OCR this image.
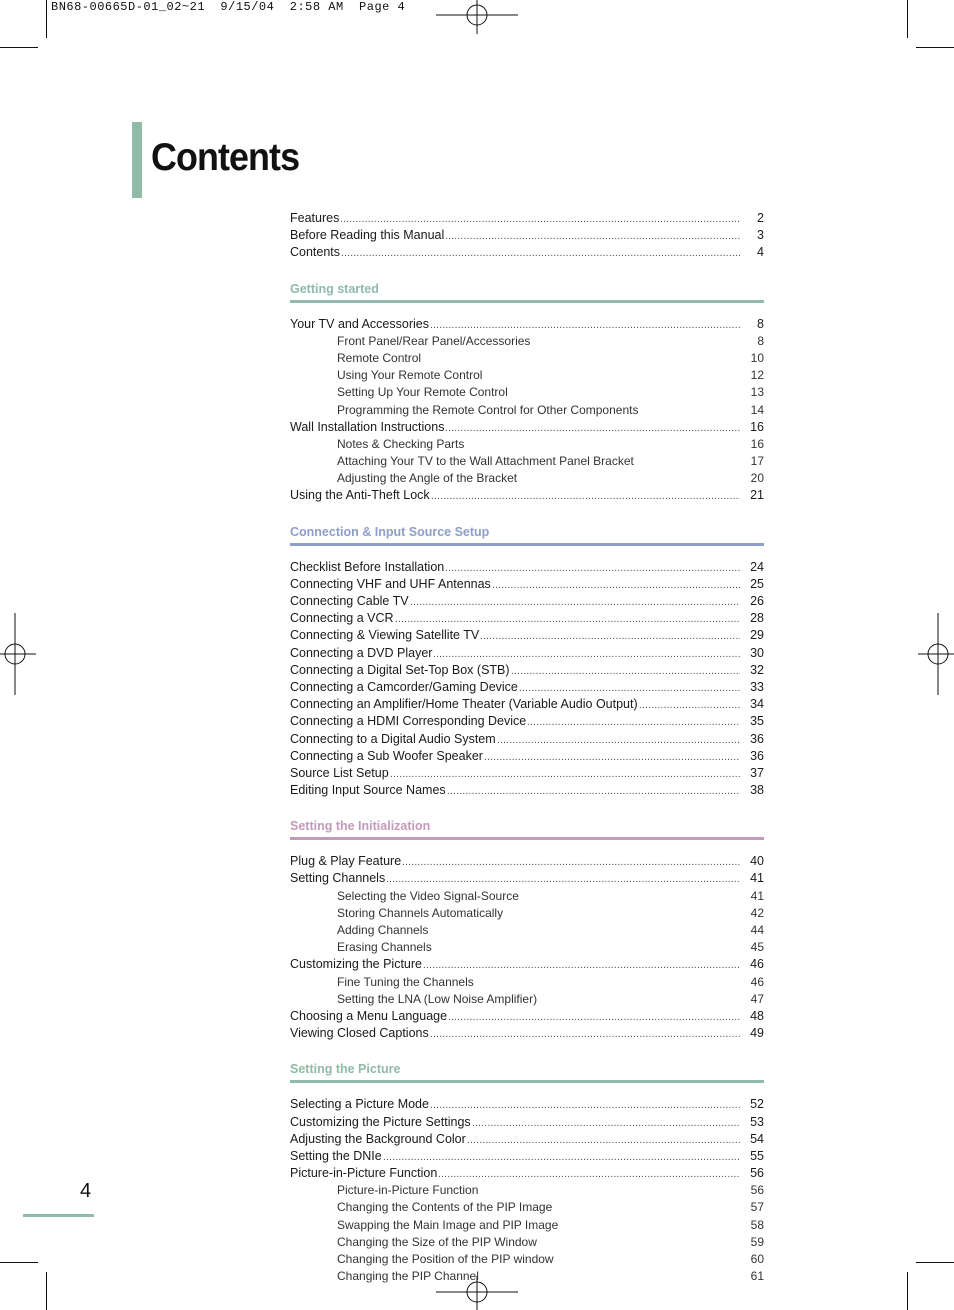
BN68-00665D-01_02~21  9/15/04  2:58 AM  Page 4
Contents
Features .....	2
Before Reading this Manual .....	3
Contents .....	4
Getting started
Your TV and Accessories .....	8
Front Panel/Rear Panel/Accessories	8
Remote Control	10
Using Your Remote Control	12
Setting Up Your Remote Control	13
Programming the Remote Control for Other Components	14
Wall Installation Instructions .....	16
Notes & Checking Parts	16
Attaching Your TV to the Wall Attachment Panel Bracket	17
Adjusting the Angle of the Bracket	20
Using the Anti-Theft Lock .....	21
Connection & Input Source Setup
Checklist Before Installation .....	24
Connecting VHF and UHF Antennas .....	25
Connecting Cable TV .....	26
Connecting a VCR .....	28
Connecting & Viewing Satellite TV .....	29
Connecting a DVD Player .....	30
Connecting a Digital Set-Top Box (STB) .....	32
Connecting a Camcorder/Gaming Device .....	33
Connecting an Amplifier/Home Theater (Variable Audio Output) .....	34
Connecting a HDMI Corresponding Device .....	35
Connecting to a Digital Audio System .....	36
Connecting a Sub Woofer Speaker .....	36
Source List Setup .....	37
Editing Input Source Names .....	38
Setting the Initialization
Plug & Play Feature .....	40
Setting Channels .....	41
Selecting the Video Signal-Source	41
Storing Channels Automatically	42
Adding Channels	44
Erasing Channels	45
Customizing the Picture .....	46
Fine Tuning the Channels	46
Setting the LNA (Low Noise Amplifier)	47
Choosing a Menu Language .....	48
Viewing Closed Captions .....	49
Setting the Picture
Selecting a Picture Mode .....	52
Customizing the Picture Settings .....	53
Adjusting the Background Color .....	54
Setting the DNIe .....	55
Picture-in-Picture Function .....	56
Picture-in-Picture Function	56
Changing the Contents of the PIP Image	57
Swapping the Main Image and PIP Image	58
Changing the Size of the PIP Window	59
Changing the Position of the PIP window	60
Changing the PIP Channel	61
4
